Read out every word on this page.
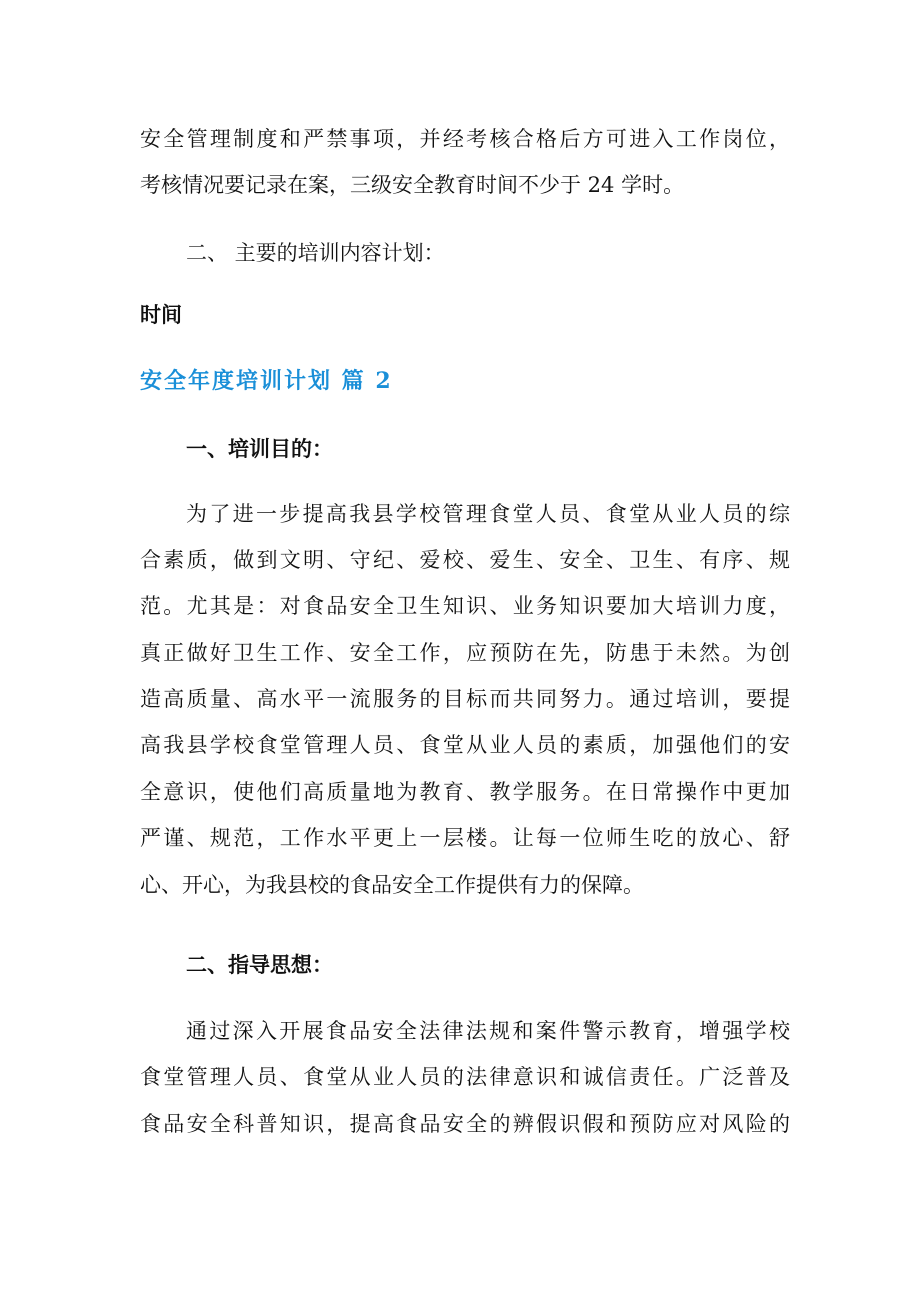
安全管理制度和严禁事项，并经考核合格后方可进入工作岗位，
考核情况要记录在案，三级安全教育时间不少于 24 学时。
二、 主要的培训内容计划：
时间
安全年度培训计划 篇 2
一、培训目的：
为了进一步提高我县学校管理食堂人员、食堂从业人员的综
合素质，做到文明、守纪、爱校、爱生、安全、卫生、有序、规
范。尤其是：对食品安全卫生知识、业务知识要加大培训力度，
真正做好卫生工作、安全工作，应预防在先，防患于未然。为创
造高质量、高水平一流服务的目标而共同努力。通过培训，要提
高我县学校食堂管理人员、食堂从业人员的素质，加强他们的安
全意识，使他们高质量地为教育、教学服务。在日常操作中更加
严谨、规范，工作水平更上一层楼。让每一位师生吃的放心、舒
心、开心，为我县校的食品安全工作提供有力的保障。
二、指导思想：
通过深入开展食品安全法律法规和案件警示教育，增强学校
食堂管理人员、食堂从业人员的法律意识和诚信责任。广泛普及
食品安全科普知识，提高食品安全的辨假识假和预防应对风险的
